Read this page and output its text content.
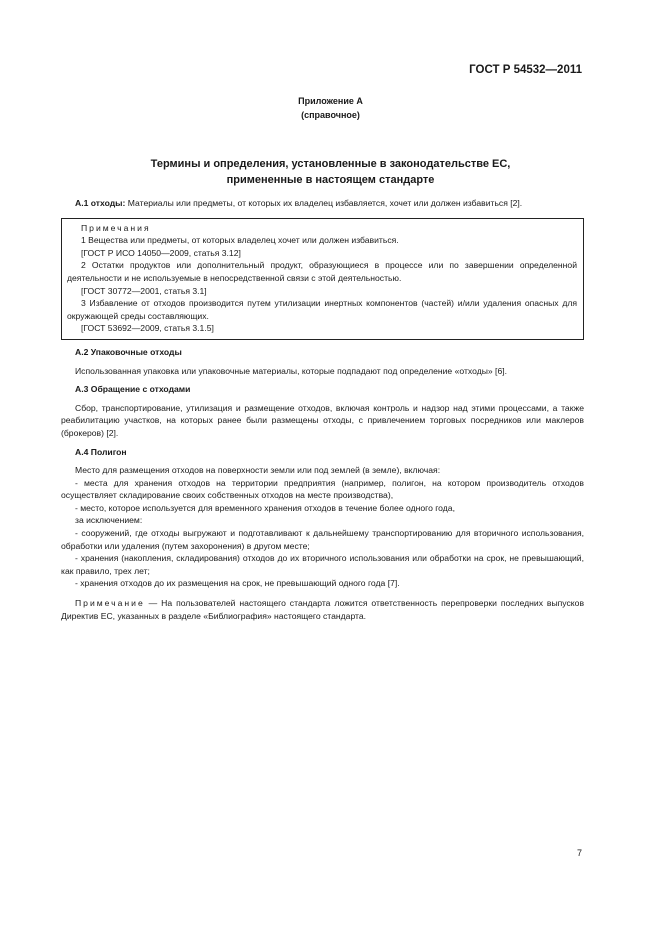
ГОСТ Р 54532—2011
Приложение А
(справочное)
Термины и определения, установленные в законодательстве ЕС,
примененные в настоящем стандарте

А.1 отходы: Материалы или предметы, от которых их владелец избавляется, хочет или должен избавиться [2].

Примечания

1 Вещества или предметы, от которых владелец хочет или должен избавиться.

[ГОСТ Р ИСО 14050—2009, статья 3.12]

2 Остатки продуктов или дополнительный продукт, образующиеся в процессе или по завершении определенной деятельности и не используемые в непосредственной связи с этой деятельностью.

[ГОСТ 30772—2001, статья 3.1]

3 Избавление от отходов производится путем утилизации инертных компонентов (частей) и/или удаления опасных для окружающей среды составляющих.

[ГОСТ 53692—2009, статья 3.1.5]

А.2 Упаковочные отходы

Использованная упаковка или упаковочные материалы, которые подпадают под определение «отходы» [6].

А.3 Обращение с отходами

Сбор, транспортирование, утилизация и размещение отходов, включая контроль и надзор над этими процессами, а также реабилитацию участков, на которых ранее были размещены отходы, с привлечением торговых посредников или маклеров (брокеров) [2].

А.4 Полигон

Место для размещения отходов на поверхности земли или под землей (в земле), включая:

- места для хранения отходов на территории предприятия (например, полигон, на котором производитель отходов осуществляет складирование своих собственных отходов на месте производства),

- место, которое используется для временного хранения отходов в течение более одного года,

за исключением:

- сооружений, где отходы выгружают и подготавливают к дальнейшему транспортированию для вторичного использования, обработки или удаления (путем захоронения) в другом месте;

- хранения (накопления, складирования) отходов до их вторичного использования или обработки на срок, не превышающий, как правило, трех лет;

- хранения отходов до их размещения на срок, не превышающий одного года [7].

Примечание — На пользователей настоящего стандарта ложится ответственность перепроверки последних выпусков Директив ЕС, указанных в разделе «Библиография» настоящего стандарта.

7
